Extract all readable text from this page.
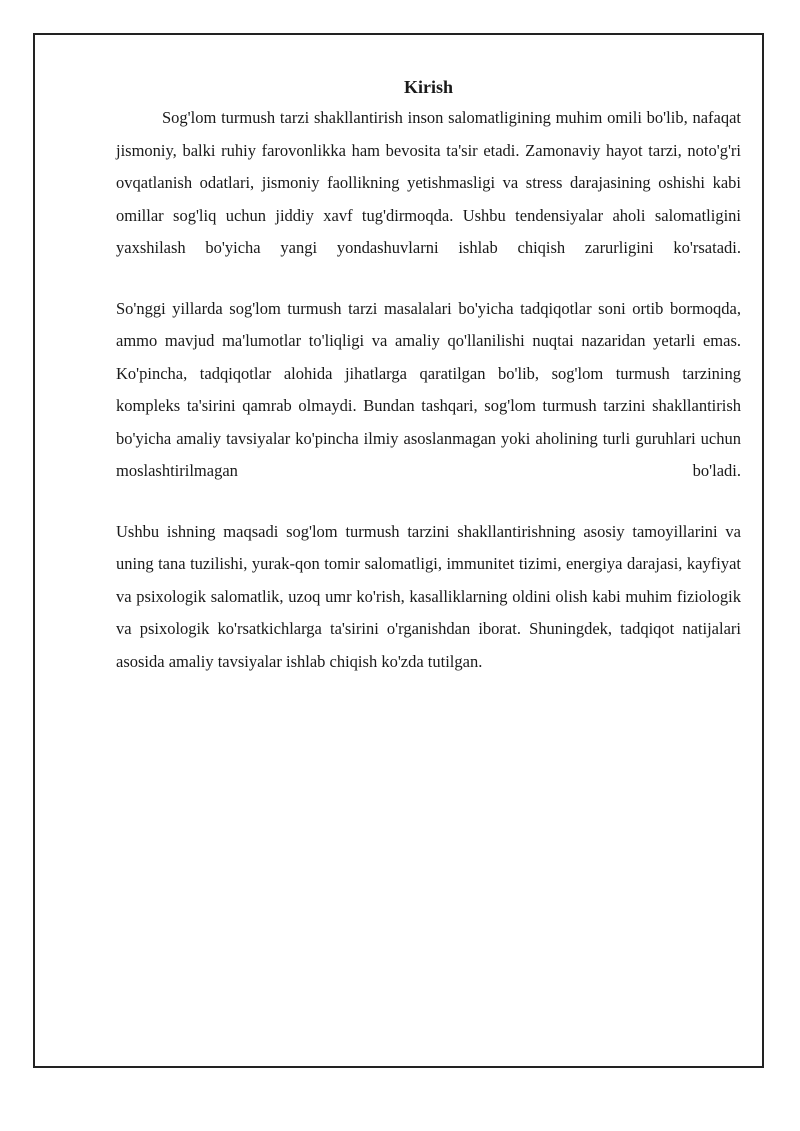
Kirish

Sog'lom turmush tarzi shakllantirish inson salomatligining muhim omili bo'lib, nafaqat jismoniy, balki ruhiy farovonlikka ham bevosita ta'sir etadi. Zamonaviy hayot tarzi, noto'g'ri ovqatlanish odatlari, jismoniy faollikning yetishmasligi va stress darajasining oshishi kabi omillar sog'liq uchun jiddiy xavf tug'dirmoqda. Ushbu tendensiyalar aholi salomatligini yaxshilash bo'yicha yangi yondashuvlarni ishlab chiqish zarurligini ko'rsatadi.

So'nggi yillarda sog'lom turmush tarzi masalalari bo'yicha tadqiqotlar soni ortib bormoqda, ammo mavjud ma'lumotlar to'liqligi va amaliy qo'llanilishi nuqtai nazaridan yetarli emas. Ko'pincha, tadqiqotlar alohida jihatlarga qaratilgan bo'lib, sog'lom turmush tarzining kompleks ta'sirini qamrab olmaydi. Bundan tashqari, sog'lom turmush tarzini shakllantirish bo'yicha amaliy tavsiyalar ko'pincha ilmiy asoslanmagan yoki aholining turli guruhlari uchun moslashtirilmagan bo'ladi.

Ushbu ishning maqsadi sog'lom turmush tarzini shakllantirishning asosiy tamoyillarini va uning tana tuzilishi, yurak-qon tomir salomatligi, immunitet tizimi, energiya darajasi, kayfiyat va psixologik salomatlik, uzoq umr ko'rish, kasalliklarning oldini olish kabi muhim fiziologik va psixologik ko'rsatkichlarga ta'sirini o'rganishdan iborat. Shuningdek, tadqiqot natijalari asosida amaliy tavsiyalar ishlab chiqish ko'zda tutilgan.
